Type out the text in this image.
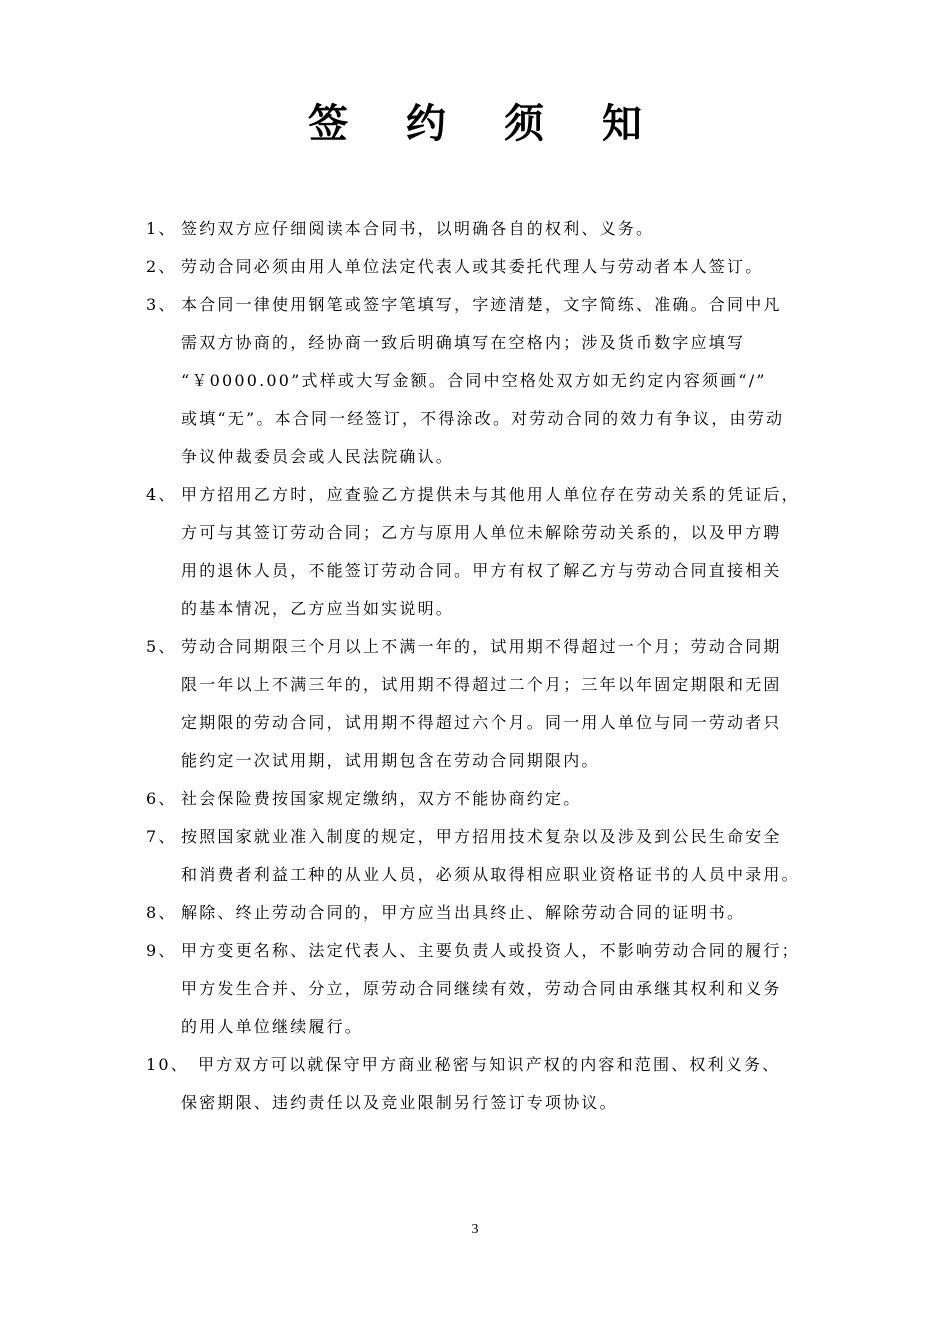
签 约 须 知
1、 签约双方应仔细阅读本合同书，以明确各自的权利、义务。
2、 劳动合同必须由用人单位法定代表人或其委托代理人与劳动者本人签订。
3、 本合同一律使用钢笔或签字笔填写，字迹清楚，文字简练、准确。合同中凡
需双方协商的，经协商一致后明确填写在空格内；涉及货币数字应填写
“￥0000.00”式样或大写金额。合同中空格处双方如无约定内容须画“/”
或填“无”。本合同一经签订，不得涂改。对劳动合同的效力有争议，由劳动
争议仲裁委员会或人民法院确认。
4、 甲方招用乙方时，应查验乙方提供未与其他用人单位存在劳动关系的凭证后，
方可与其签订劳动合同；乙方与原用人单位未解除劳动关系的，以及甲方聘
用的退休人员，不能签订劳动合同。甲方有权了解乙方与劳动合同直接相关
的基本情况，乙方应当如实说明。
5、 劳动合同期限三个月以上不满一年的，试用期不得超过一个月；劳动合同期
限一年以上不满三年的，试用期不得超过二个月；三年以年固定期限和无固
定期限的劳动合同，试用期不得超过六个月。同一用人单位与同一劳动者只
能约定一次试用期，试用期包含在劳动合同期限内。
6、 社会保险费按国家规定缴纳，双方不能协商约定。
7、 按照国家就业准入制度的规定，甲方招用技术复杂以及涉及到公民生命安全
和消费者利益工种的从业人员，必须从取得相应职业资格证书的人员中录用。
8、 解除、终止劳动合同的，甲方应当出具终止、解除劳动合同的证明书。
9、 甲方变更名称、法定代表人、主要负责人或投资人，不影响劳动合同的履行；
甲方发生合并、分立，原劳动合同继续有效，劳动合同由承继其权利和义务
的用人单位继续履行。
10、 甲方双方可以就保守甲方商业秘密与知识产权的内容和范围、权利义务、
保密期限、违约责任以及竞业限制另行签订专项协议。
3
